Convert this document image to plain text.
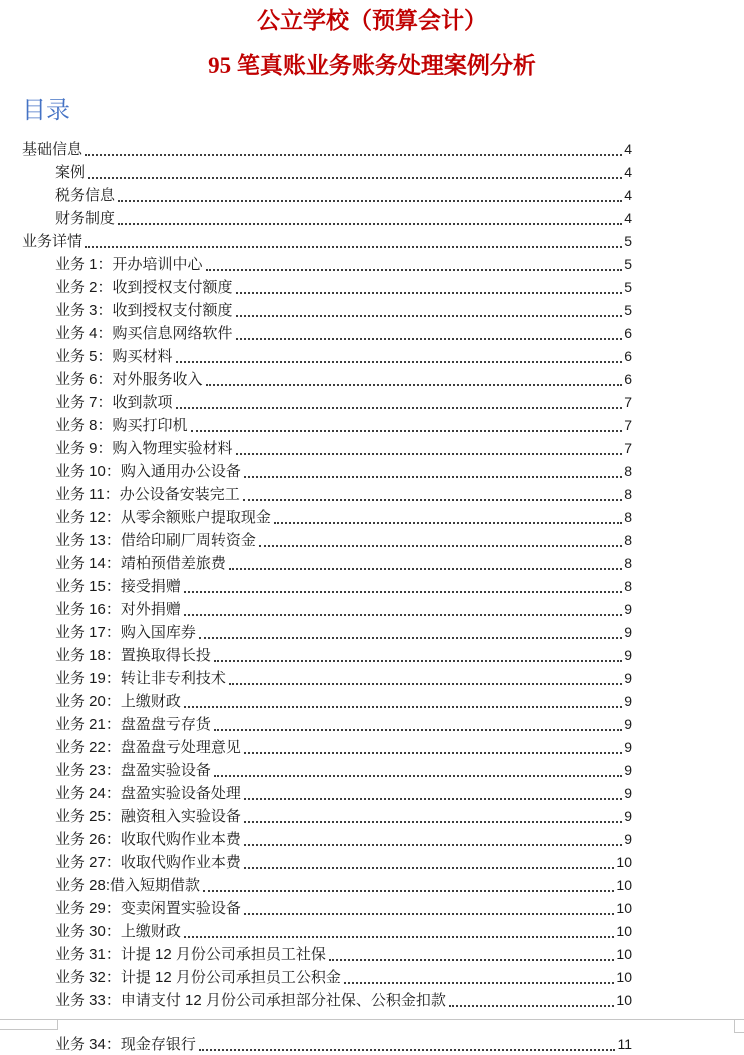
公立学校（预算会计）
95 笔真账业务账务处理案例分析
目录
基础信息	4
案例	4
税务信息	4
财务制度	4
业务详情	5
业务 1：开办培训中心	5
业务 2：收到授权支付额度	5
业务 3：收到授权支付额度	5
业务 4：购买信息网络软件	6
业务 5：购买材料	6
业务 6：对外服务收入	6
业务 7：收到款项	7
业务 8：购买打印机	7
业务 9：购入物理实验材料	7
业务 10：购入通用办公设备	8
业务 11：办公设备安装完工	8
业务 12：从零余额账户提取现金	8
业务 13：借给印刷厂周转资金	8
业务 14：靖柏预借差旅费	8
业务 15：接受捐赠	8
业务 16：对外捐赠	9
业务 17：购入国库券	9
业务 18：置换取得长投	9
业务 19：转让非专利技术	9
业务 20：上缴财政	9
业务 21：盘盈盘亏存货	9
业务 22：盘盈盘亏处理意见	9
业务 23：盘盈实验设备	9
业务 24：盘盈实验设备处理	9
业务 25：融资租入实验设备	9
业务 26：收取代购作业本费	9
业务 27：收取代购作业本费	10
业务 28:借入短期借款	10
业务 29：变卖闲置实验设备	10
业务 30：上缴财政	10
业务 31：计提 12 月份公司承担员工社保	10
业务 32：计提 12 月份公司承担员工公积金	10
业务 33：申请支付 12 月份公司承担部分社保、公积金扣款	10
业务 34：现金存银行	11
